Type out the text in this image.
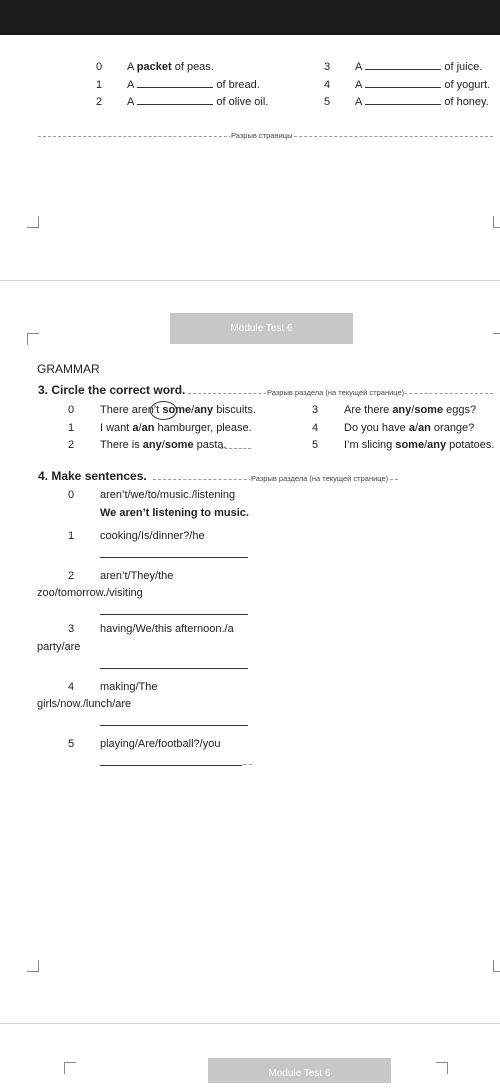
0 A packet of peas.
1 A	of bread.
2 A	of olive oil.
3 A	of juice.
4 A	of yogurt.
5 A	of honey.
Разрыв страницы
Module Test 6
GRAMMAR
3. Circle the correct word.	Разрыв раздела (на текущей странице)
0 There aren’t some/any biscuits.
1 I want a/an hamburger, please.
2 There is any/some pasta.
3 Are there any/some eggs?
4 Do you have a/an orange?
5 I’m slicing some/any potatoes.
4. Make sentences.	Разрыв раздела (на текущей странице)
0 aren’t/we/to/music./listening
We aren’t listening to music.
1 cooking/Is/dinner?/he
2 aren’t/They/the
zoo/tomorrow./visiting
3 having/We/this afternoon./a
party/are
4 making/The
girls/now./lunch/are
5 playing/Are/football?/you
Module Test 6
